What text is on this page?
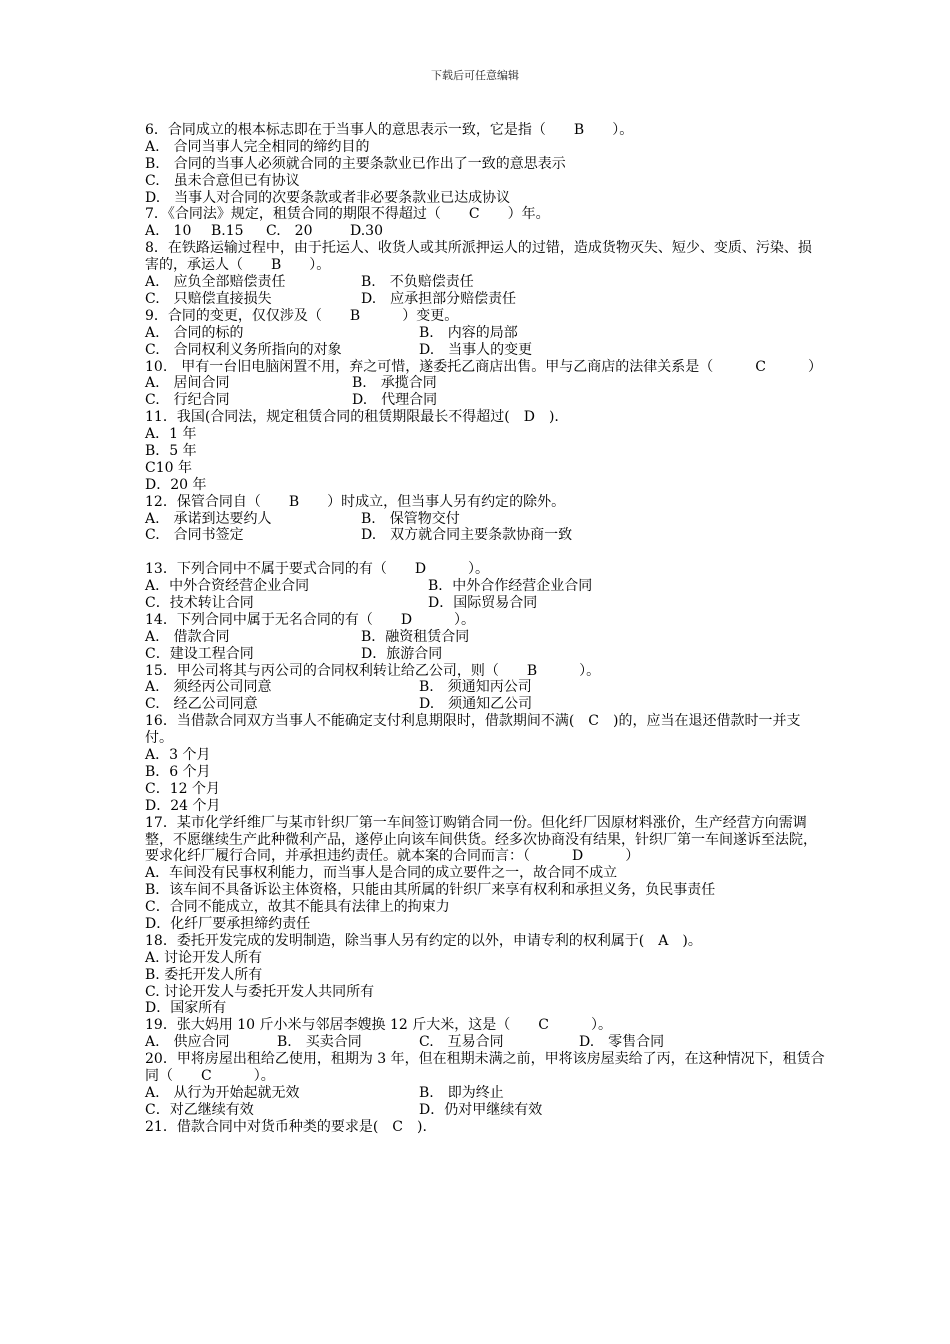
下载后可任意编辑
6．合同成立的根本标志即在于当事人的意思表示一致，它是指（　　B　　）。
A.　合同当事人完全相同的缔约目的
B.　合同的当事人必须就合同的主要条款业已作出了一致的意思表示
C.　虽未合意但已有协议
D.　当事人对合同的次要条款或者非必要条款业已达成协议
7．《合同法》规定，租赁合同的期限不得超过（　　C　　）年。
A.　10	B.15	C.　20	D.30
8．在铁路运输过程中，由于托运人、收货人或其所派押运人的过错，造成货物灭失、短少、变质、污染、损害的，承运人（　　B　　）。
A.　应负全部赔偿责任	B.　不负赔偿责任
C.　只赔偿直接损失	D.　应承担部分赔偿责任
9．合同的变更，仅仅涉及（　　B　　　）变更。
A.　合同的标的	B.　内容的局部
C.　合同权利义务所指向的对象	D.　当事人的变更
10.　甲有一台旧电脑闲置不用，弃之可惜，遂委托乙商店出售。甲与乙商店的法律关系是（　　　C　　　）
A.　居间合同	B.　承揽合同
C.　行纪合同	D.　代理合同
11．我国(合同法，规定租赁合同的租赁期限最长不得超过(　D　).
A．1 年
B．5 年
C10 年
D．20 年
12．保管合同自（　　B　　）时成立，但当事人另有约定的除外。
A.　承诺到达要约人	B.　保管物交付
C.　合同书签定	D.　双方就合同主要条款协商一致
13．下列合同中不属于要式合同的有（　　D　　　）。
A．中外合资经营企业合同	B．中外合作经营企业合同
C．技术转让合同	D．国际贸易合同
14．下列合同中属于无名合同的有（　　D　　　）。
A.　借款合同	B．融资租赁合同
C．建设工程合同	D．旅游合同
15．甲公司将其与丙公司的合同权利转让给乙公司，则（　　B　　　）。
A.　须经丙公司同意	B.　须通知丙公司
C.　经乙公司同意	D.　须通知乙公司
16．当借款合同双方当事人不能确定支付利息期限时，借款期间不满(　C　)的，应当在退还借款时一并支付。
A．3 个月
B．6 个月
C．12 个月
D．24 个月
17．某市化学纤维厂与某市针织厂第一车间签订购销合同一份。但化纤厂因原材料涨价，生产经营方向需调整，不愿继续生产此种微利产品，遂停止向该车间供货。经多次协商没有结果，针织厂第一车间遂诉至法院，要求化纤厂履行合同，并承担违约责任。就本案的合同而言：（　　　D　　　）
A．车间没有民事权利能力，而当事人是合同的成立要件之一，故合同不成立
B．该车间不具备诉讼主体资格，只能由其所属的针织厂来享有权利和承担义务，负民事责任
C．合同不能成立，故其不能具有法律上的拘束力
D．化纤厂要承担缔约责任
18．委托开发完成的发明制造，除当事人另有约定的以外，申请专利的权利属于(　A　)。
A. 讨论开发人所有
B. 委托开发人所有
C. 讨论开发人与委托开发人共同所有
D．国家所有
19．张大妈用 10 斤小米与邻居李嫂换 12 斤大米，这是（　　C　　　）。
A.　供应合同	B.　买卖合同	C.　互易合同	D.　零售合同
20．甲将房屋出租给乙使用，租期为 3 年，但在租期未满之前，甲将该房屋卖给了丙，在这种情况下，租赁合同（　　C　　　）。
A.　从行为开始起就无效	B.　即为终止
C．对乙继续有效	D．仍对甲继续有效
21．借款合同中对货币种类的要求是(　C　).
